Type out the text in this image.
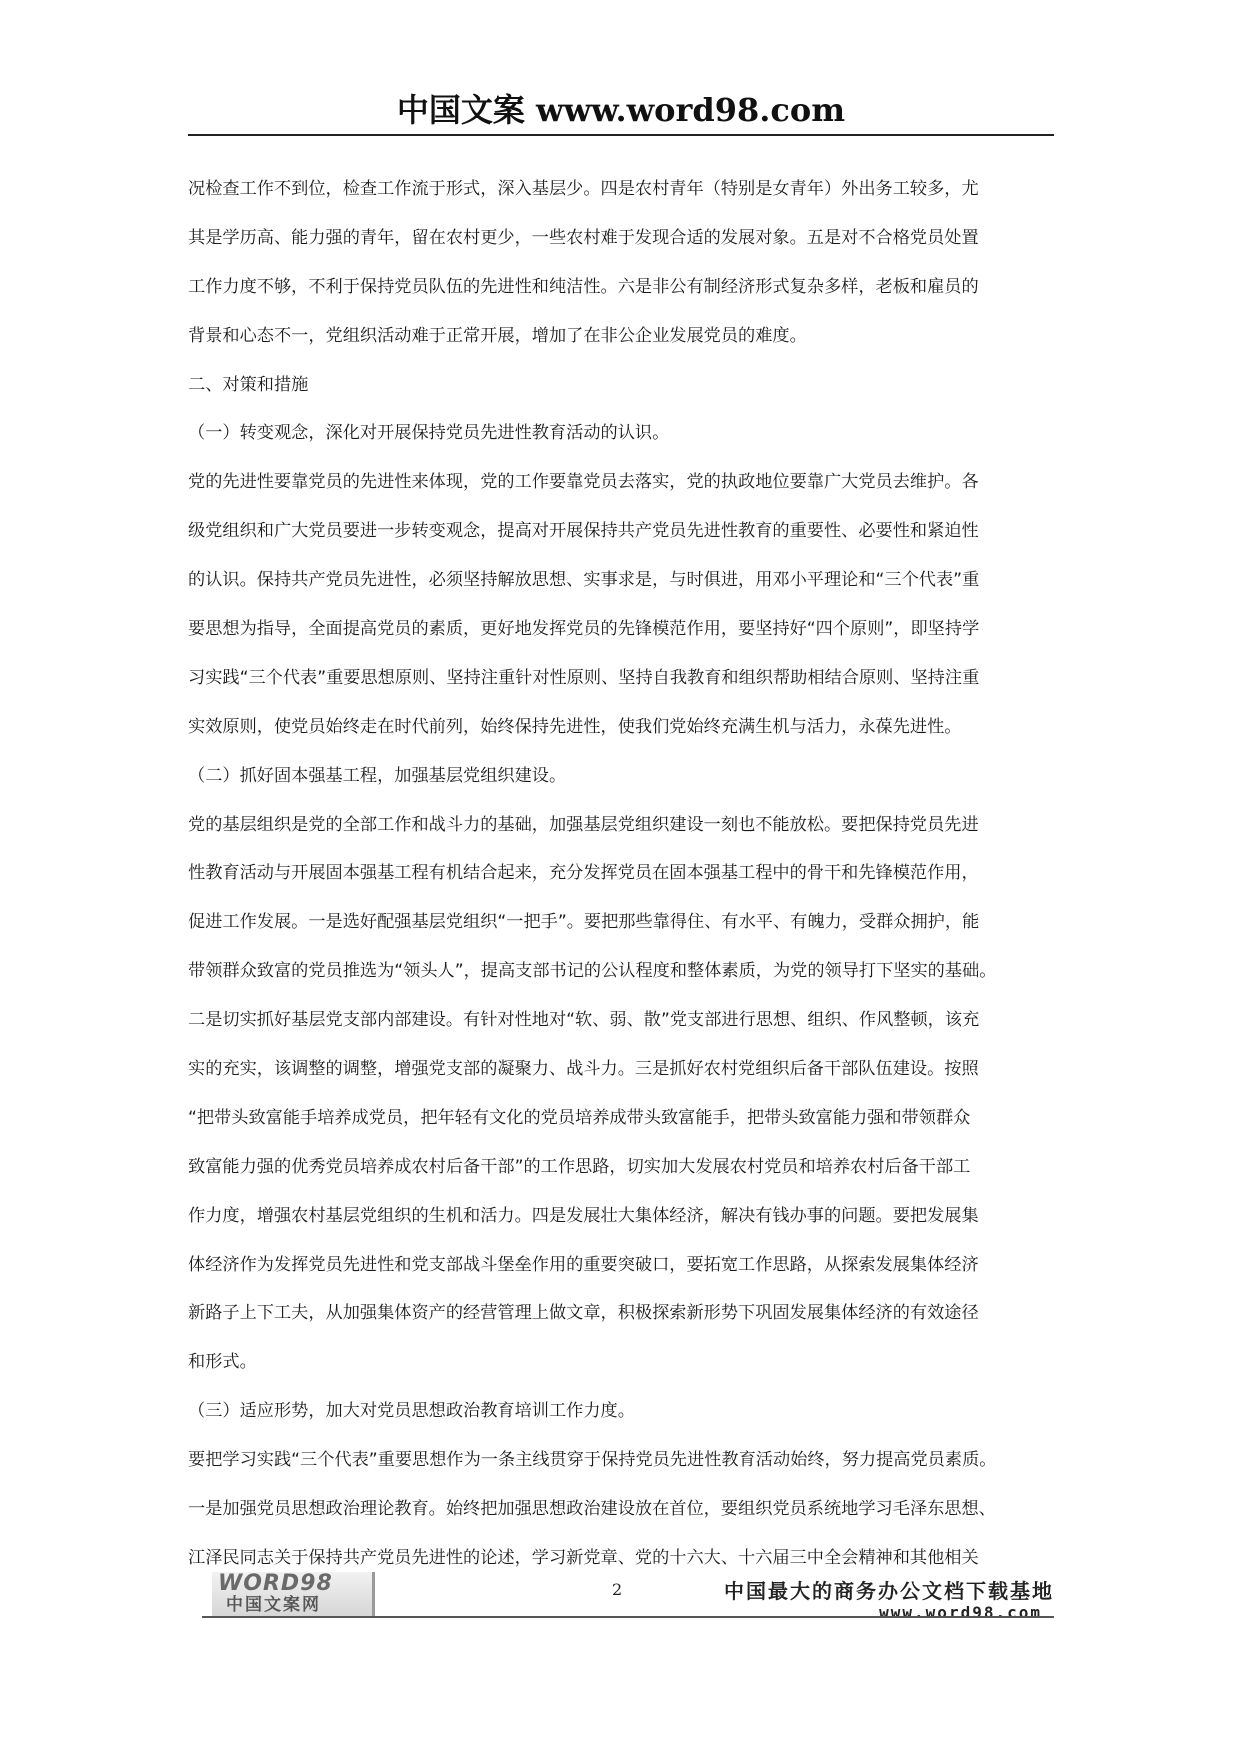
中国文案 www.word98.com
况检查工作不到位，检查工作流于形式，深入基层少。四是农村青年（特别是女青年）外出务工较多，尤
其是学历高、能力强的青年，留在农村更少，一些农村难于发现合适的发展对象。五是对不合格党员处置
工作力度不够，不利于保持党员队伍的先进性和纯洁性。六是非公有制经济形式复杂多样，老板和雇员的
背景和心态不一，党组织活动难于正常开展，增加了在非公企业发展党员的难度。
二、对策和措施
（一）转变观念，深化对开展保持党员先进性教育活动的认识。
党的先进性要靠党员的先进性来体现，党的工作要靠党员去落实，党的执政地位要靠广大党员去维护。各
级党组织和广大党员要进一步转变观念，提高对开展保持共产党员先进性教育的重要性、必要性和紧迫性
的认识。保持共产党员先进性，必须坚持解放思想、实事求是，与时俱进，用邓小平理论和“三个代表”重
要思想为指导，全面提高党员的素质，更好地发挥党员的先锋模范作用，要坚持好“四个原则”，即坚持学
习实践“三个代表”重要思想原则、坚持注重针对性原则、坚持自我教育和组织帮助相结合原则、坚持注重
实效原则，使党员始终走在时代前列，始终保持先进性，使我们党始终充满生机与活力，永葆先进性。
（二）抓好固本强基工程，加强基层党组织建设。
党的基层组织是党的全部工作和战斗力的基础，加强基层党组织建设一刻也不能放松。要把保持党员先进
性教育活动与开展固本强基工程有机结合起来，充分发挥党员在固本强基工程中的骨干和先锋模范作用，
促进工作发展。一是选好配强基层党组织“一把手”。要把那些靠得住、有水平、有魄力，受群众拥护，能
带领群众致富的党员推选为“领头人”，提高支部书记的公认程度和整体素质，为党的领导打下坚实的基础。
二是切实抓好基层党支部内部建设。有针对性地对“软、弱、散”党支部进行思想、组织、作风整顿，该充
实的充实，该调整的调整，增强党支部的凝聚力、战斗力。三是抓好农村党组织后备干部队伍建设。按照
“把带头致富能手培养成党员，把年轻有文化的党员培养成带头致富能手，把带头致富能力强和带领群众
致富能力强的优秀党员培养成农村后备干部”的工作思路，切实加大发展农村党员和培养农村后备干部工
作力度，增强农村基层党组织的生机和活力。四是发展壮大集体经济，解决有钱办事的问题。要把发展集
体经济作为发挥党员先进性和党支部战斗堡垒作用的重要突破口，要拓宽工作思路，从探索发展集体经济
新路子上下工夫，从加强集体资产的经营管理上做文章，积极探索新形势下巩固发展集体经济的有效途径
和形式。
（三）适应形势，加大对党员思想政治教育培训工作力度。
要把学习实践“三个代表”重要思想作为一条主线贯穿于保持党员先进性教育活动始终，努力提高党员素质。
一是加强党员思想政治理论教育。始终把加强思想政治建设放在首位，要组织党员系统地学习毛泽东思想、
江泽民同志关于保持共产党员先进性的论述，学习新党章、党的十六大、十六届三中全会精神和其他相关
WORD98
中国文案网
2	中国最大的商务办公文档下载基地
www.word98.com
